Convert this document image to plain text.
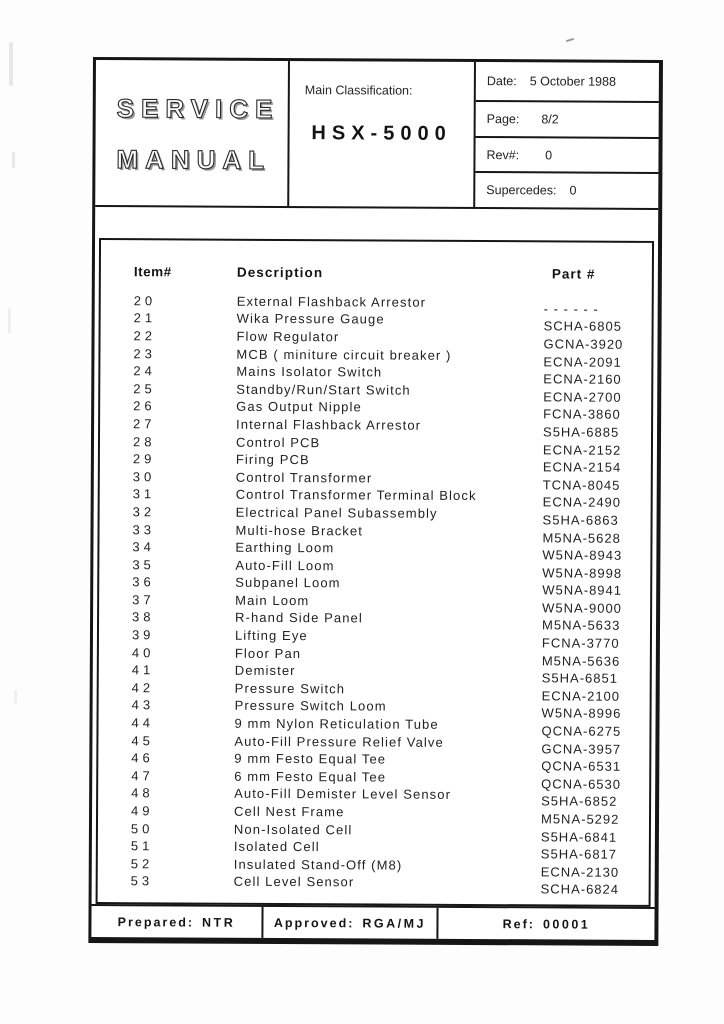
SERVICE
MANUAL
Main Classification:
HSX-5000
Date: 5 October 1988
Page: 8/2
Rev#: 0
Supercedes: 0
Item#	Description	Part #
20	External Flashback Arrestor	- - - - - -
21	Wika Pressure Gauge	SCHA-6805
22	Flow Regulator	GCNA-3920
23	MCB ( miniture circuit breaker )	ECNA-2091
24	Mains Isolator Switch	ECNA-2160
25	Standby/Run/Start Switch	ECNA-2700
26	Gas Output Nipple	FCNA-3860
27	Internal Flashback Arrestor	S5HA-6885
28	Control PCB	ECNA-2152
29	Firing PCB	ECNA-2154
30	Control Transformer	TCNA-8045
31	Control Transformer Terminal Block	ECNA-2490
32	Electrical Panel Subassembly	S5HA-6863
33	Multi-hose Bracket	M5NA-5628
34	Earthing Loom	W5NA-8943
35	Auto-Fill Loom	W5NA-8998
36	Subpanel Loom	W5NA-8941
37	Main Loom	W5NA-9000
38	R-hand Side Panel	M5NA-5633
39	Lifting Eye	FCNA-3770
40	Floor Pan	M5NA-5636
41	Demister	S5HA-6851
42	Pressure Switch	ECNA-2100
43	Pressure Switch Loom	W5NA-8996
44	9 mm Nylon Reticulation Tube	QCNA-6275
45	Auto-Fill Pressure Relief Valve	GCNA-3957
46	9 mm Festo Equal Tee	QCNA-6531
47	6 mm Festo Equal Tee	QCNA-6530
48	Auto-Fill Demister Level Sensor	S5HA-6852
49	Cell Nest Frame	M5NA-5292
50	Non-Isolated Cell	S5HA-6841
51	Isolated Cell	S5HA-6817
52	Insulated Stand-Off (M8)	ECNA-2130
53	Cell Level Sensor	SCHA-6824
Prepared: NTR	Approved: RGA/MJ	Ref: 00001
